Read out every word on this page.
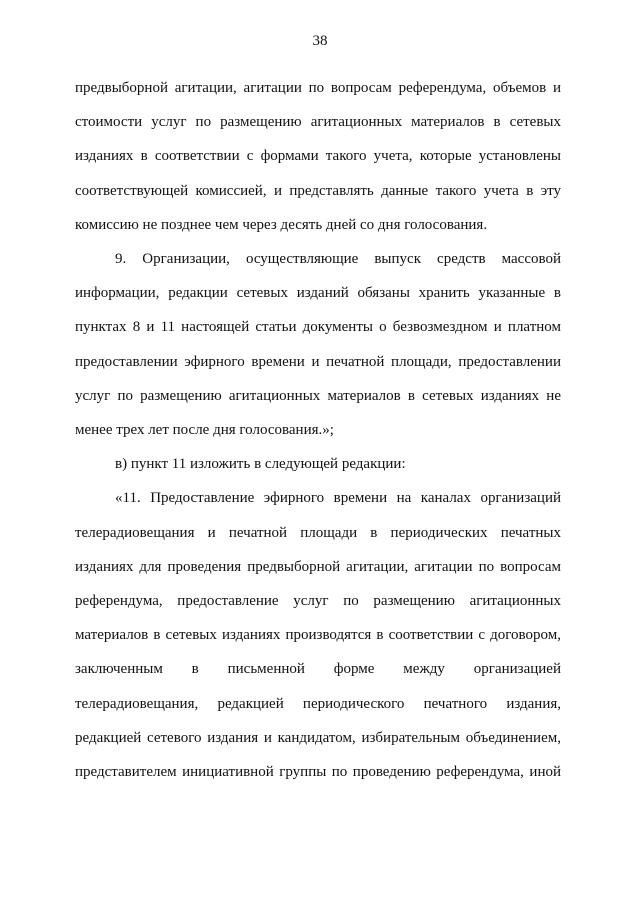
38

предвыборной агитации, агитации по вопросам референдума, объемов и
стоимости услуг по размещению агитационных материалов в сетевых
изданиях в соответствии с формами такого учета, которые установлены
соответствующей комиссией, и представлять данные такого учета в эту
комиссию не позднее чем через десять дней со дня голосования.

9. Организации, осуществляющие выпуск средств массовой
информации, редакции сетевых изданий обязаны хранить указанные в
пунктах 8 и 11 настоящей статьи документы о безвозмездном и платном
предоставлении эфирного времени и печатной площади, предоставлении
услуг по размещению агитационных материалов в сетевых изданиях не
менее трех лет после дня голосования.»;

в) пункт 11 изложить в следующей редакции:

«11. Предоставление эфирного времени на каналах организаций
телерадиовещания и печатной площади в периодических печатных
изданиях для проведения предвыборной агитации, агитации по вопросам
референдума, предоставление услуг по размещению агитационных
материалов в сетевых изданиях производятся в соответствии с договором,
заключенным в письменной форме между организацией
телерадиовещания, редакцией периодического печатного издания,
редакцией сетевого издания и кандидатом, избирательным объединением,
представителем инициативной группы по проведению референдума, иной
